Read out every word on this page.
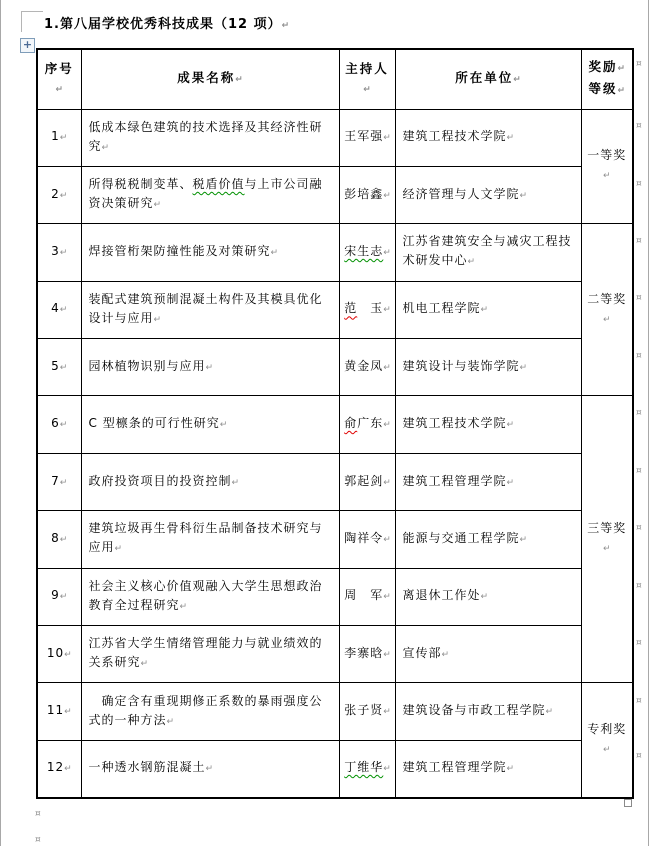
1.第八届学校优秀科技成果（12 项）↵
+
序号↵	成果名称↵	主持人↵	所在单位↵	奖励↵
等级↵
1↵	低成本绿色建筑的技术选择及其经济性研究↵	王军强↵	建筑工程技术学院↵	一等奖↵
2↵	所得税税制变革、税盾价值与上市公司融资决策研究↵	彭培鑫↵	经济管理与人文学院↵	
3↵	焊接管桁架防撞性能及对策研究↵	宋生志↵	江苏省建筑安全与减灾工程技术研发中心↵	二等奖↵
4↵	装配式建筑预制混凝土构件及其模具优化设计与应用↵	范　玉↵	机电工程学院↵	
5↵	园林植物识别与应用↵	黄金凤↵	建筑设计与装饰学院↵	
6↵	C 型檩条的可行性研究↵	俞广东↵	建筑工程技术学院↵	三等奖↵
7↵	政府投资项目的投资控制↵	郭起剑↵	建筑工程管理学院↵	
8↵	建筑垃圾再生骨科衍生品制备技术研究与应用↵	陶祥令↵	能源与交通工程学院↵	
9↵	社会主义核心价值观融入大学生思想政治教育全过程研究↵	周　军↵	离退休工作处↵	
10↵	江苏省大学生情绪管理能力与就业绩效的关系研究↵	李寨晗↵	宣传部↵	
11↵	　确定含有重现期修正系数的暴雨强度公式的一种方法↵	张子贤↵	建筑设备与市政工程学院↵	专利奖↵
12↵	一种透水钢筋混凝土↵	丁维华↵	建筑工程管理学院↵	
¤
¤
¤
¤
¤
¤
¤
¤
¤
¤
¤
¤
¤
¤
¤
